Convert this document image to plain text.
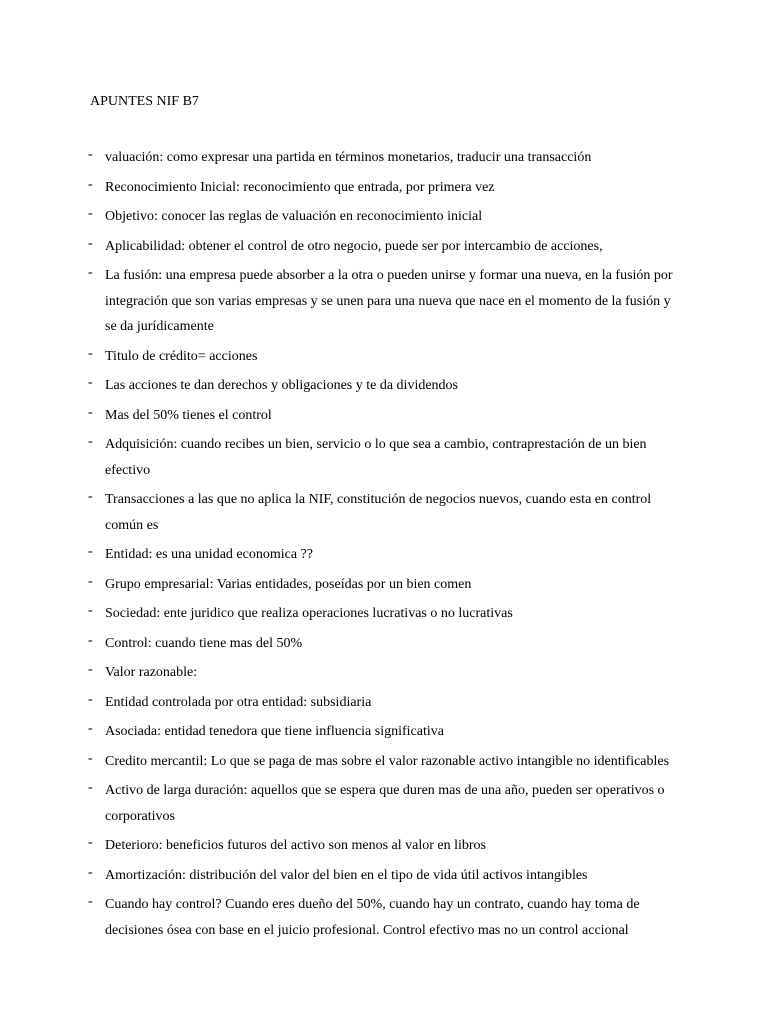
APUNTES NIF B7
- valuación: como expresar una partida en términos monetarios, traducir una transacción
- Reconocimiento Inicial: reconocimiento que entrada, por primera vez
- Objetivo: conocer las reglas de valuación en reconocimiento inicial
- Aplicabilidad: obtener el control de otro negocio, puede ser por intercambio de acciones,
- La fusión: una empresa puede absorber a la otra o pueden unirse y formar una nueva, en la fusión por integración que son varias empresas y se unen para una nueva que nace en el momento de la fusión y se da jurídicamente
- Titulo de crédito= acciones
- Las acciones te dan derechos y obligaciones y te da dividendos
- Mas del 50% tienes el control
- Adquisición: cuando recibes un bien, servicio o lo que sea a cambio, contraprestación de un bien efectivo
- Transacciones a las que no aplica la NIF, constitución de negocios nuevos, cuando esta en control común es
- Entidad: es una unidad economica ??
- Grupo empresarial: Varias entidades, poseídas por un bien comen
- Sociedad: ente juridico que realiza operaciones lucrativas o no lucrativas
- Control: cuando tiene mas del 50%
- Valor razonable:
- Entidad controlada por otra entidad: subsidiaria
- Asociada: entidad tenedora que tiene influencia significativa
- Credito mercantil: Lo que se paga de mas sobre el valor razonable activo intangible no identificables
- Activo de larga duración: aquellos que se espera que duren mas de una año, pueden ser operativos o corporativos
- Deterioro: beneficios futuros del activo son menos al valor en libros
- Amortización: distribución del valor del bien en el tipo de vida útil activos intangibles
- Cuando hay control? Cuando eres dueño del 50%, cuando hay un contrato, cuando hay toma de decisiones ósea con base en el juicio profesional. Control efectivo mas no un control accional
